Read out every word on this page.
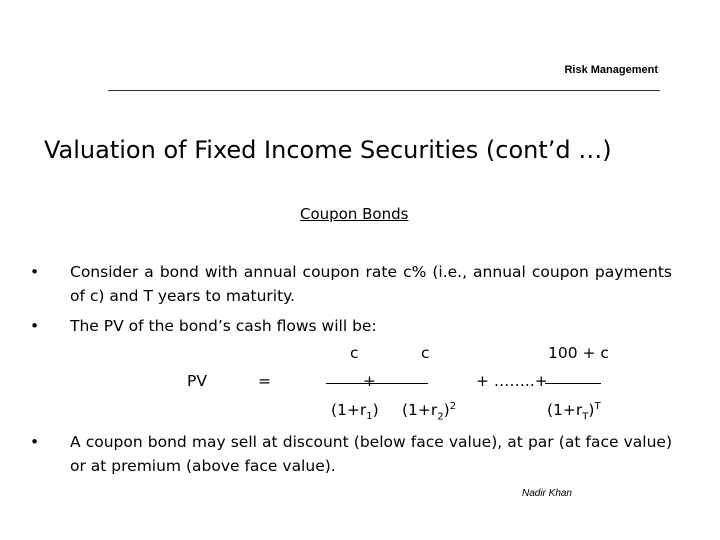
Risk Management
Valuation of Fixed Income Securities (cont’d …)
Coupon Bonds
• Consider a bond with annual coupon rate c% (i.e., annual coupon payments of c) and T years to maturity.
• The PV of the bond’s cash flows will be:
c	c	100 + c
PV	=	+	+ ……..+
$(1+r_1)$ $(1+r_2)^2$	$(1+r_T)^T$
• A coupon bond may sell at discount (below face value), at par (at face value) or at premium (above face value).
Nadir Khan
